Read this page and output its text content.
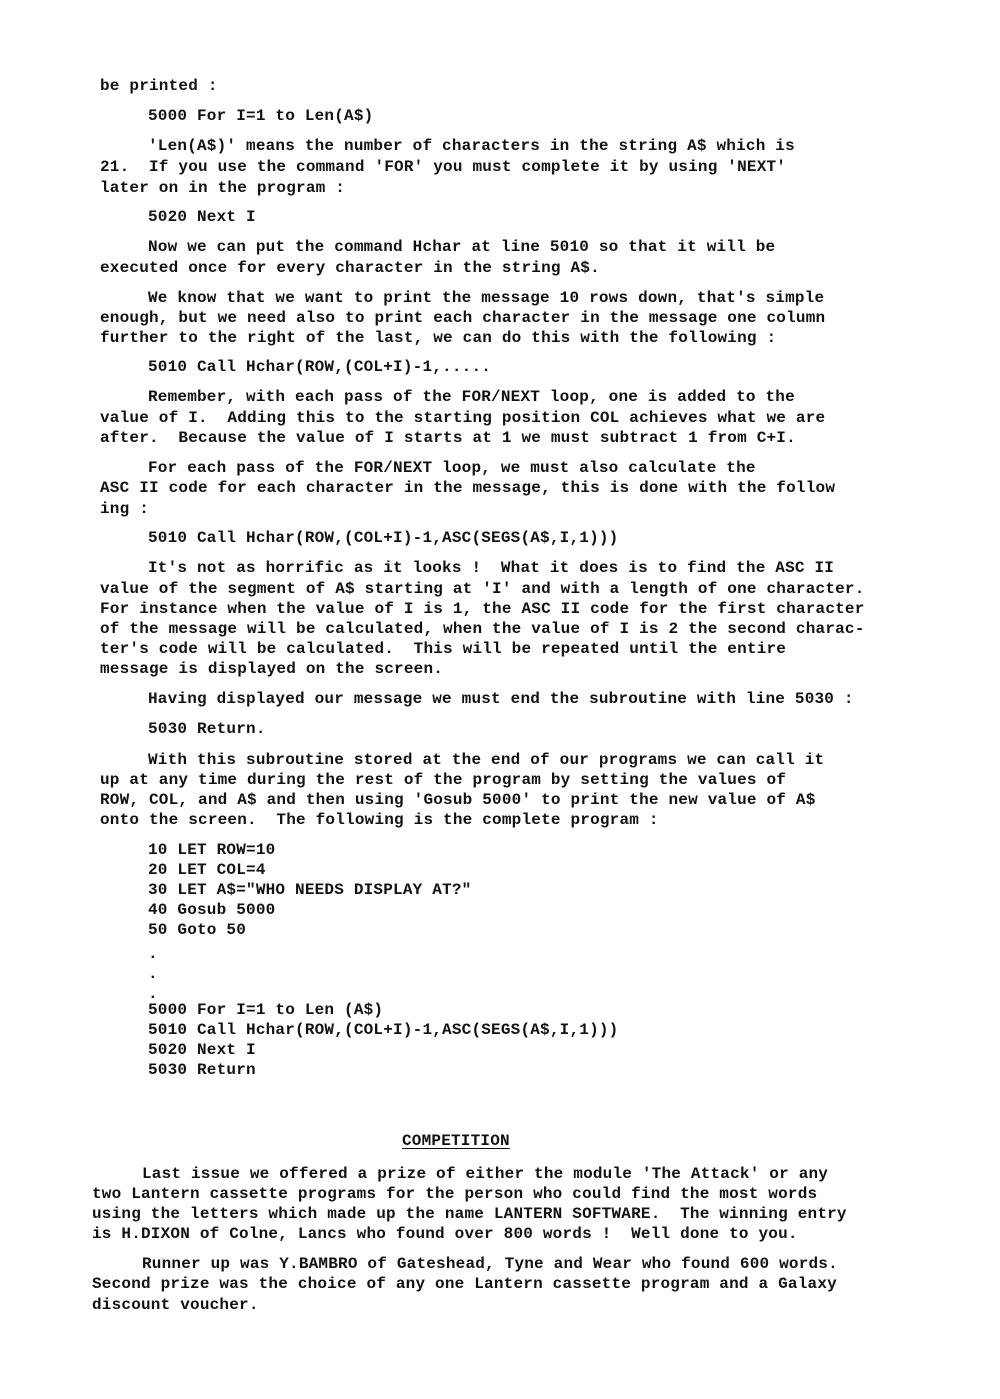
be printed :
5000 For I=1 to Len(A$)
'Len(A$)' means the number of characters in the string A$ which is
21.  If you use the command 'FOR' you must complete it by using 'NEXT'
later on in the program :
5020 Next I
Now we can put the command Hchar at line 5010 so that it will be
executed once for every character in the string A$.
We know that we want to print the message 10 rows down, that's simple
enough, but we need also to print each character in the message one column
further to the right of the last, we can do this with the following :
5010 Call Hchar(ROW,(COL+I)-1,.....
Remember, with each pass of the FOR/NEXT loop, one is added to the
value of I.  Adding this to the starting position COL achieves what we are
after.  Because the value of I starts at 1 we must subtract 1 from C+I.
For each pass of the FOR/NEXT loop, we must also calculate the
ASC II code for each character in the message, this is done with the follow
ing :
5010 Call Hchar(ROW,(COL+I)-1,ASC(SEGS(A$,I,1)))
It's not as horrific as it looks !  What it does is to find the ASC II
value of the segment of A$ starting at 'I' and with a length of one character.
For instance when the value of I is 1, the ASC II code for the first character
of the message will be calculated, when the value of I is 2 the second charac-
ter's code will be calculated.  This will be repeated until the entire
message is displayed on the screen.
Having displayed our message we must end the subroutine with line 5030 :
5030 Return.
With this subroutine stored at the end of our programs we can call it
up at any time during the rest of the program by setting the values of
ROW, COL, and A$ and then using 'Gosub 5000' to print the new value of A$
onto the screen.  The following is the complete program :
10 LET ROW=10
20 LET COL=4
30 LET A$="WHO NEEDS DISPLAY AT?"
40 Gosub 5000
50 Goto 50
.
.
.
5000 For I=1 to Len (A$)
5010 Call Hchar(ROW,(COL+I)-1,ASC(SEGS(A$,I,1)))
5020 Next I
5030 Return
COMPETITION
Last issue we offered a prize of either the module 'The Attack' or any
two Lantern cassette programs for the person who could find the most words
using the letters which made up the name LANTERN SOFTWARE.  The winning entry
is H.DIXON of Colne, Lancs who found over 800 words !  Well done to you.
Runner up was Y.BAMBRO of Gateshead, Tyne and Wear who found 600 words.
Second prize was the choice of any one Lantern cassette program and a Galaxy
discount voucher.
